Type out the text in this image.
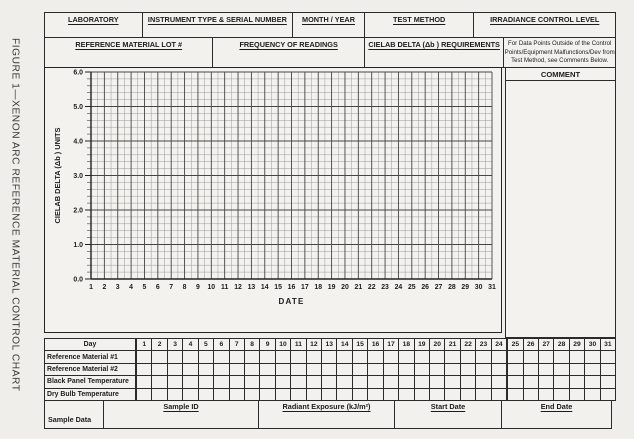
FIGURE 1—XENON ARC REFERENCE MATERIAL CONTROL CHART
LABORATORY	INSTRUMENT TYPE & SERIAL NUMBER	MONTH / YEAR	TEST METHOD	IRRADIANCE CONTROL LEVEL
REFERENCE MATERIAL LOT #	FREQUENCY OF READINGS	CIELAB DELTA (Δb ) REQUIREMENTS	For Data Points Outside of the Control
Points/Equipment Malfunctions/Dev from
Test Method, see Comments Below.
6.0
5.0
4.0
3.0
2.0
1.0
0.0
1 2 3 4 5 6 7 8 9 10 11 12 13 14 15 16 17 18 19 20 21 22 23 24 25 26 27 28 29 30 31
DATE
CIELAB DELTA (Δb ) UNITS
COMMENT
Day	1	2	3	4	5	6	7	8	9	10	11	12	13	14	15	16	17	18	19	20	21	22	23	24	25	26	27	28	29	30	31
Reference Material #1
Reference Material #2
Black Panel Temperature
Dry Bulb Temperature
Sample Data
Sample ID	Radiant Exposure (kJ/m²)	Start Date	End Date
